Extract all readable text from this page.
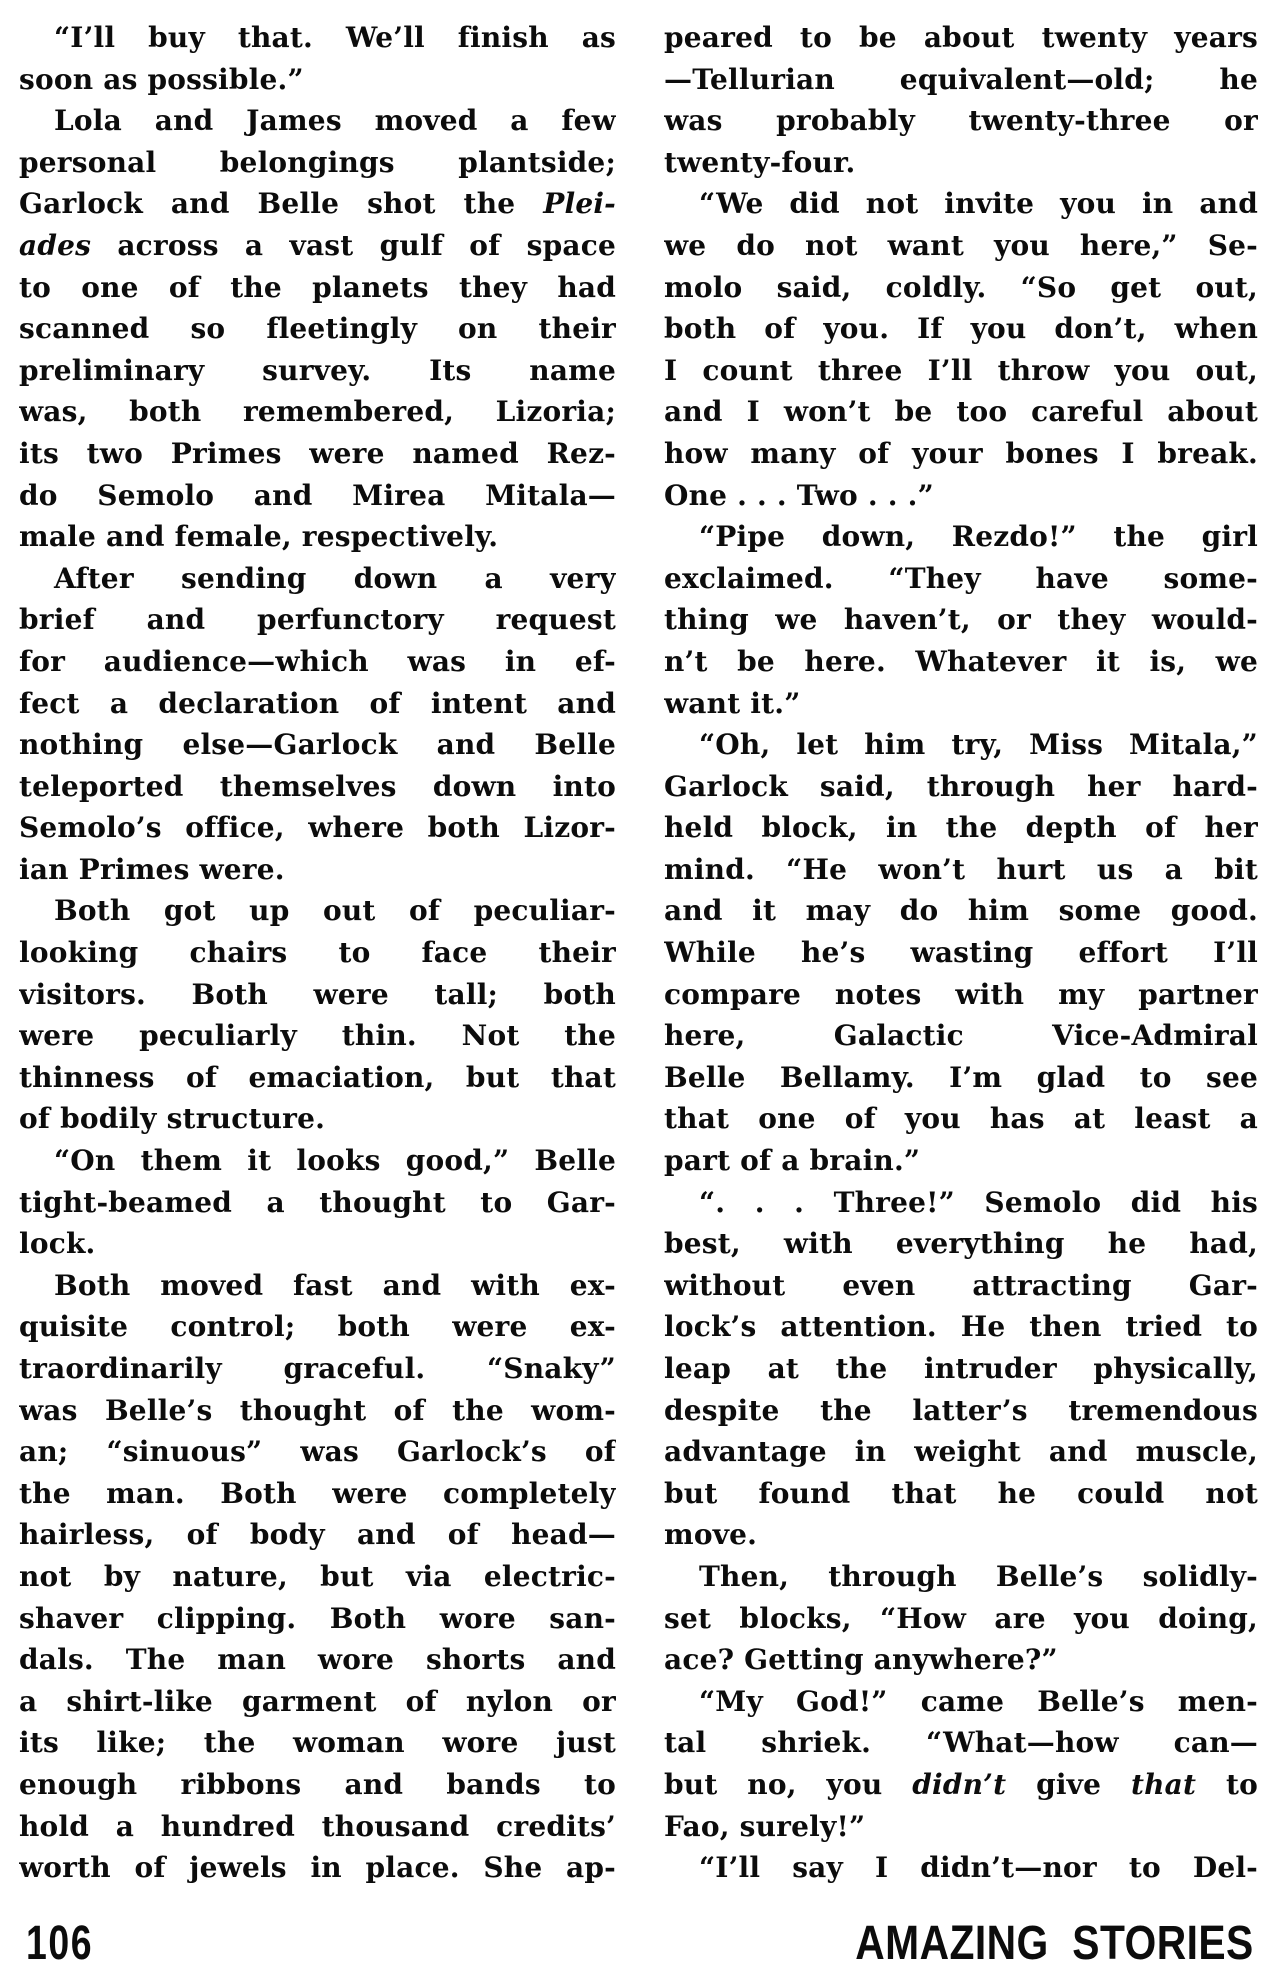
“I’ll buy that. We’ll finish as
soon as possible.”
Lola and James moved a few
personal belongings plantside;
Garlock and Belle shot the Plei-
ades across a vast gulf of space
to one of the planets they had
scanned so fleetingly on their
preliminary survey. Its name
was, both remembered, Lizoria;
its two Primes were named Rez-
do Semolo and Mirea Mitala—
male and female, respectively.
After sending down a very
brief and perfunctory request
for audience—which was in ef-
fect a declaration of intent and
nothing else—Garlock and Belle
teleported themselves down into
Semolo’s office, where both Lizor-
ian Primes were.
Both got up out of peculiar-
looking chairs to face their
visitors. Both were tall; both
were peculiarly thin. Not the
thinness of emaciation, but that
of bodily structure.
“On them it looks good,” Belle
tight-beamed a thought to Gar-
lock.
Both moved fast and with ex-
quisite control; both were ex-
traordinarily graceful. “Snaky”
was Belle’s thought of the wom-
an; “sinuous” was Garlock’s of
the man. Both were completely
hairless, of body and of head—
not by nature, but via electric-
shaver clipping. Both wore san-
dals. The man wore shorts and
a shirt-like garment of nylon or
its like; the woman wore just
enough ribbons and bands to
hold a hundred thousand credits’
worth of jewels in place. She ap-
peared to be about twenty years
—Tellurian equivalent—old; he
was probably twenty-three or
twenty-four.
“We did not invite you in and
we do not want you here,” Se-
molo said, coldly. “So get out,
both of you. If you don’t, when
I count three I’ll throw you out,
and I won’t be too careful about
how many of your bones I break.
One . . . Two . . .”
“Pipe down, Rezdo!” the girl
exclaimed. “They have some-
thing we haven’t, or they would-
n’t be here. Whatever it is, we
want it.”
“Oh, let him try, Miss Mitala,”
Garlock said, through her hard-
held block, in the depth of her
mind. “He won’t hurt us a bit
and it may do him some good.
While he’s wasting effort I’ll
compare notes with my partner
here, Galactic Vice-Admiral
Belle Bellamy. I’m glad to see
that one of you has at least a
part of a brain.”
“. . . Three!” Semolo did his
best, with everything he had,
without even attracting Gar-
lock’s attention. He then tried to
leap at the intruder physically,
despite the latter’s tremendous
advantage in weight and muscle,
but found that he could not
move.
Then, through Belle’s solidly-
set blocks, “How are you doing,
ace? Getting anywhere?”
“My God!” came Belle’s men-
tal shriek. “What—how can—
but no, you didn’t give that to
Fao, surely!”
“I’ll say I didn’t—nor to Del-
106	AMAZING STORIES
